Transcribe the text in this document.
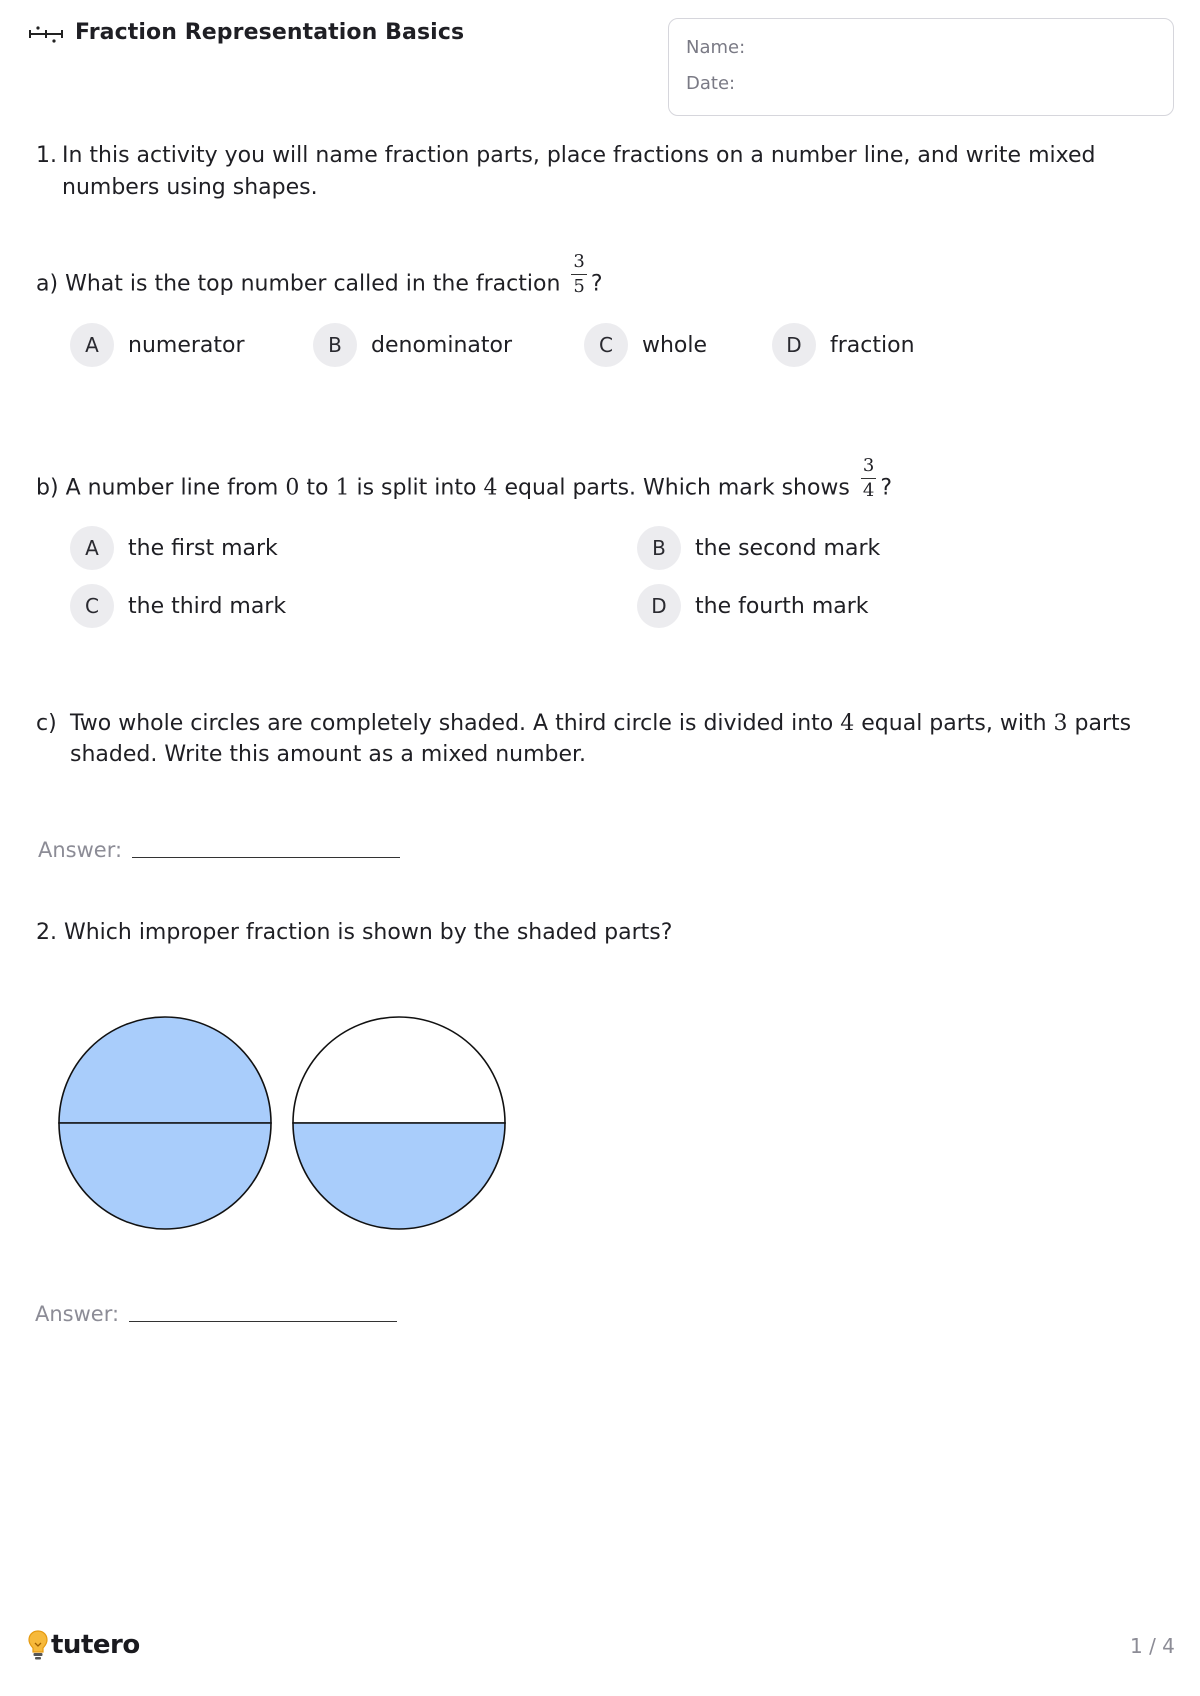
Fraction Representation Basics
Name:
Date:
1. In this activity you will name fraction parts, place fractions on a number line, and write mixed numbers using shapes.
a) What is the top number called in the fraction $\frac{3}{5}$ ?
A	numerator	B	denominator	C	whole	D	fraction
b) A number line from 0 to 1 is split into 4 equal parts. Which mark shows $\frac{3}{4}$ ?
A	the first mark	B	the second mark
C	the third mark	D	the fourth mark
c) Two whole circles are completely shaded. A third circle is divided into 4 equal parts, with 3 parts shaded. Write this amount as a mixed number.
Answer:
2. Which improper fraction is shown by the shaded parts?
Answer:
tutero	1 / 4
